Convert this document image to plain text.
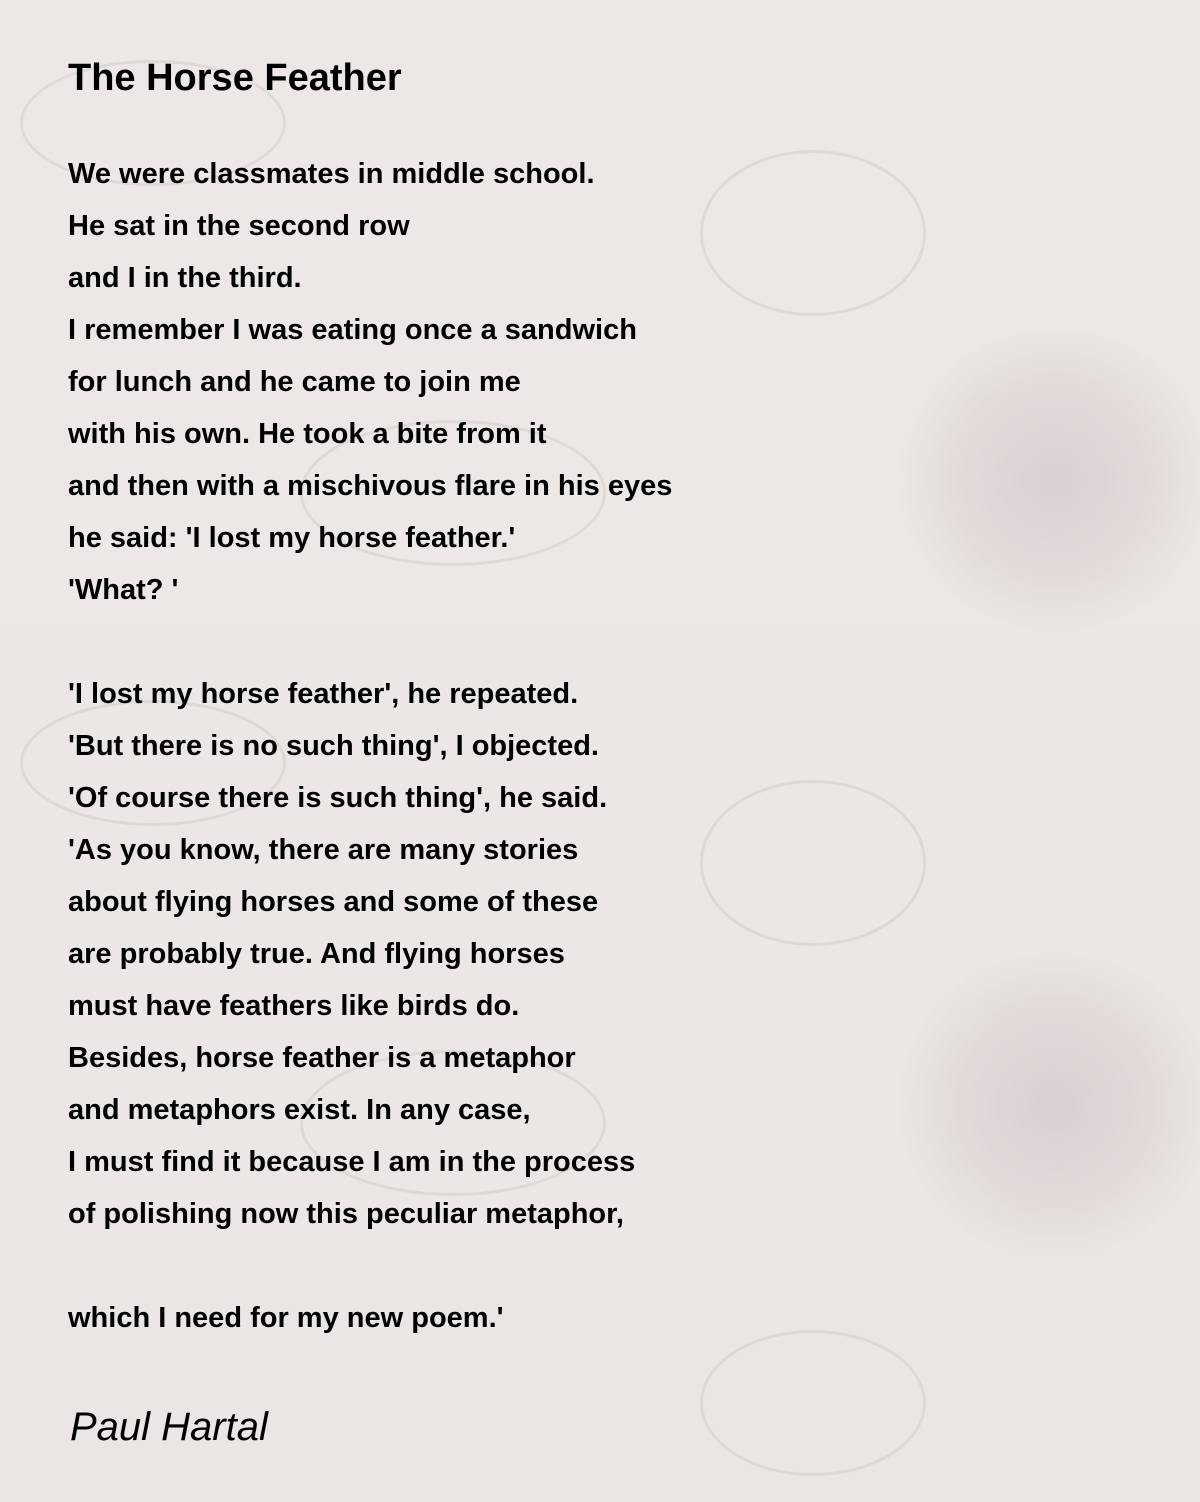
The Horse Feather
We were classmates in middle school.
He sat in the second row
and I in the third.
I remember I was eating once a sandwich
for lunch and he came to join me
with his own. He took a bite from it
and then with a mischivous flare in his eyes
he said: 'I lost my horse feather.'
'What? '
'I lost my horse feather', he repeated.
'But there is no such thing', I objected.
'Of course there is such thing', he said.
'As you know, there are many stories
about flying horses and some of these
are probably true. And flying horses
must have feathers like birds do.
Besides, horse feather is a metaphor
and metaphors exist. In any case,
I must find it because I am in the process
of polishing now this peculiar metaphor,
which I need for my new poem.'
Paul Hartal
